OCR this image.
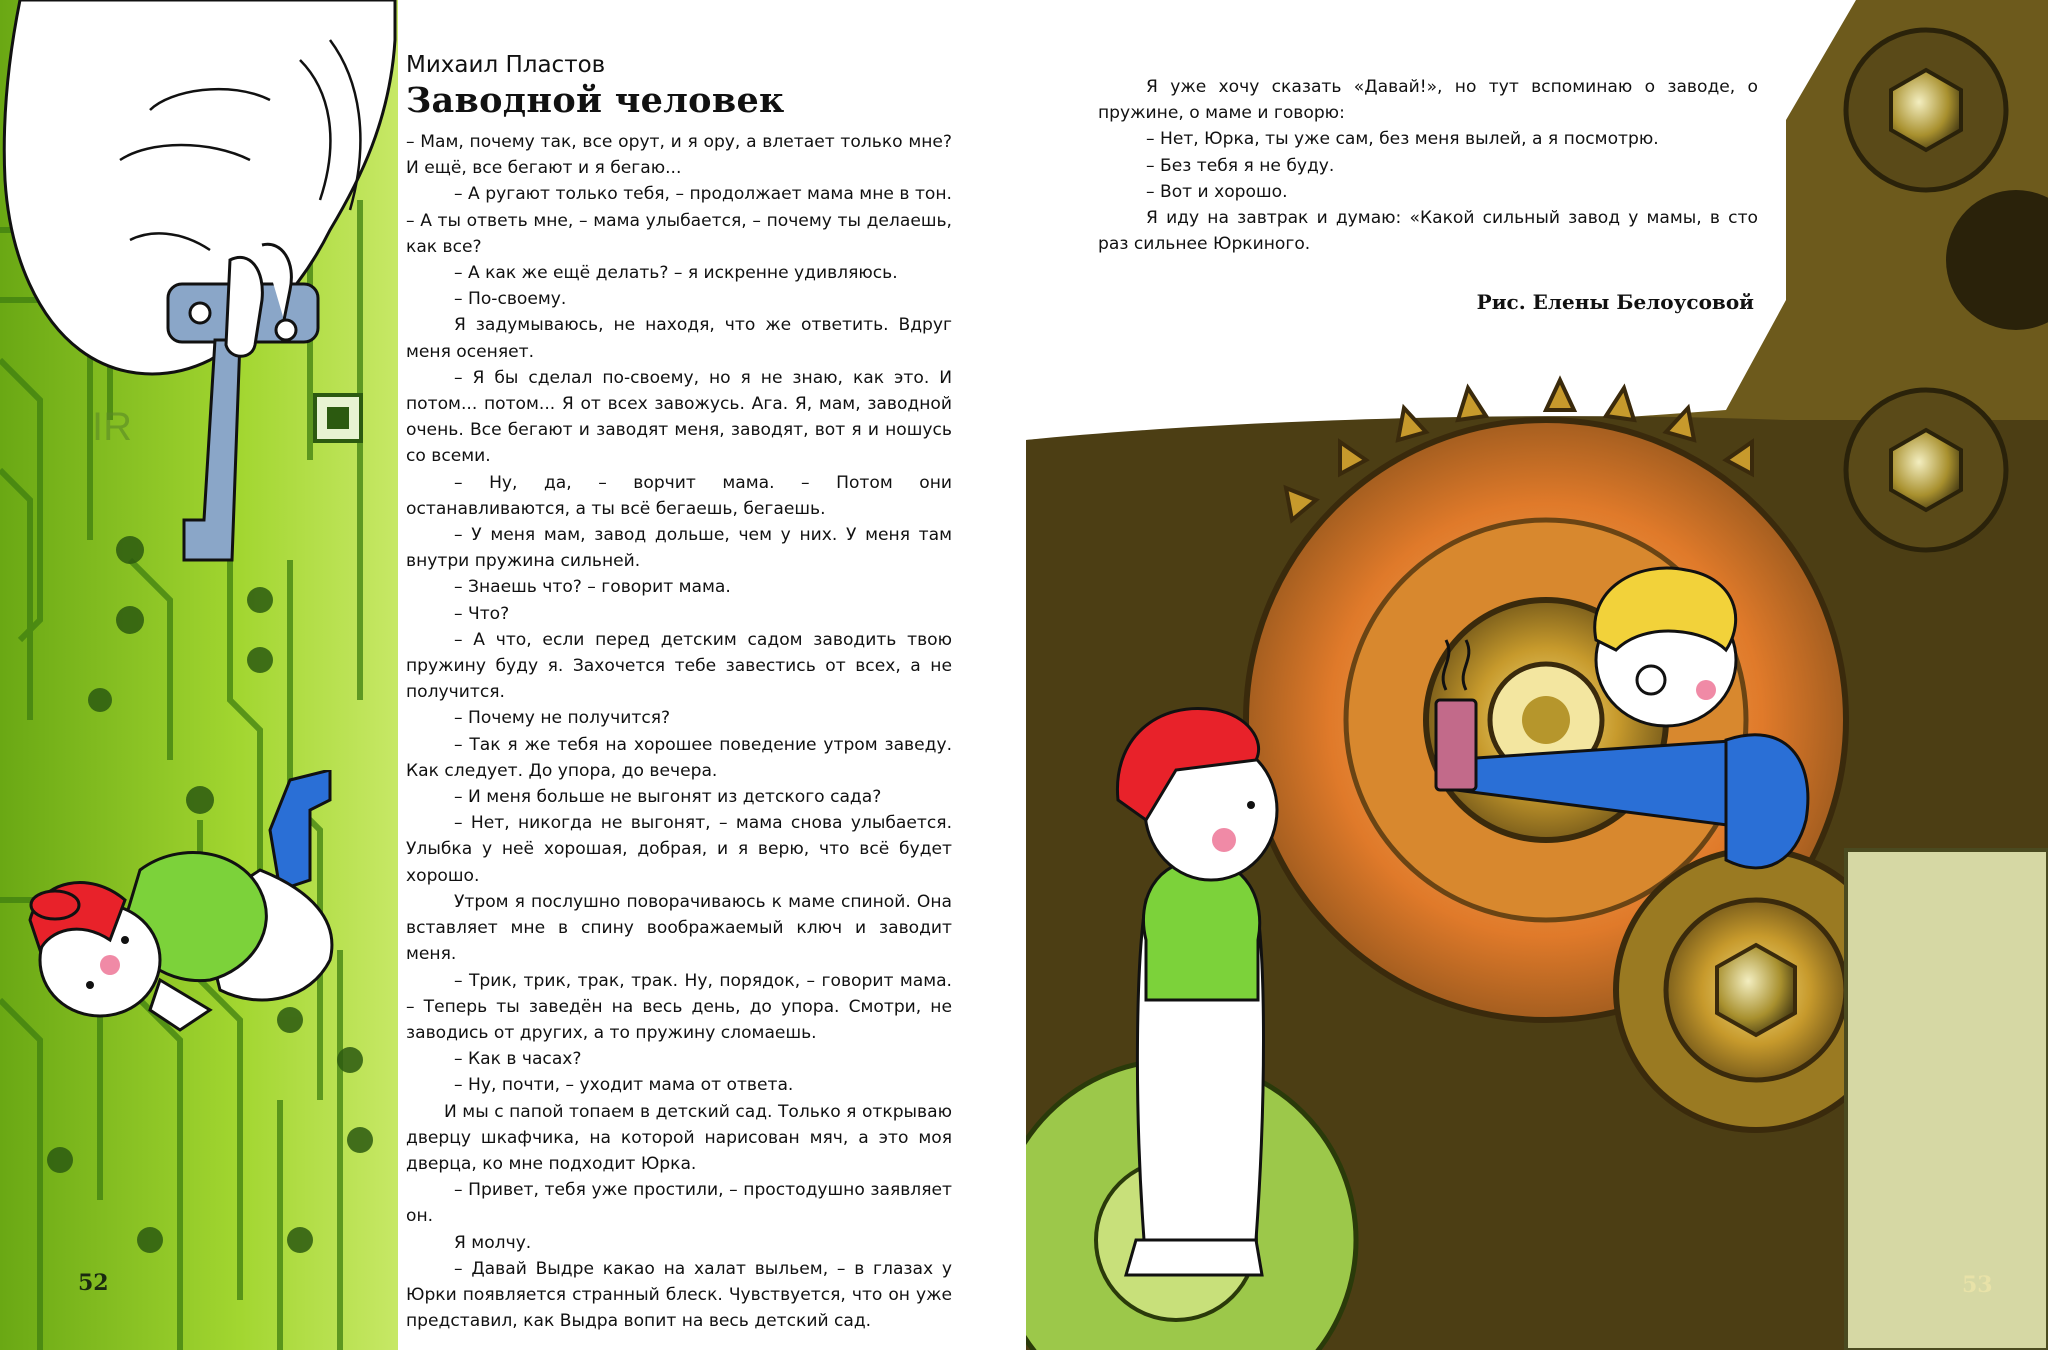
IR
52
Михаил Пластов
Заводной человек

– Мам, почему так, все орут, и я ору, а влетает только мне? И ещё, все бегают и я бегаю...

– А ругают только тебя, – продолжает мама мне в тон. – А ты ответь мне, – мама улыбается, – почему ты делаешь, как все?

– А как же ещё делать? – я искренне удивляюсь.

– По-своему.

Я задумываюсь, не находя, что же ответить. Вдруг меня осеняет.

– Я бы сделал по-своему, но я не знаю, как это. И потом... потом... Я от всех завожусь. Ага. Я, мам, заводной очень. Все бегают и заводят меня, заводят, вот я и ношусь со всеми.

– Ну, да, – ворчит мама. – Потом они останавливаются, а ты всё бегаешь, бегаешь.

– У меня мам, завод дольше, чем у них. У меня там внутри пружина сильней.

– Знаешь что? – говорит мама.

– Что?

– А что, если перед детским садом заводить твою пружину буду я. Захочется тебе завестись от всех, а не получится.

– Почему не получится?

– Так я же тебя на хорошее поведение утром заведу. Как следует. До упора, до вечера.

– И меня больше не выгонят из детского сада?

– Нет, никогда не выгонят, – мама снова улыбается. Улыбка у неё хорошая, добрая, и я верю, что всё будет хорошо.

Утром я послушно поворачиваюсь к маме спиной. Она вставляет мне в спину воображаемый ключ и заводит меня.

– Трик, трик, трак, трак. Ну, порядок, – говорит мама. – Теперь ты заведён на весь день, до упора. Смотри, не заводись от других, а то пружину сломаешь.

– Как в часах?

– Ну, почти, – уходит мама от ответа.

И мы с папой топаем в детский сад. Только я открываю дверцу шкафчика, на которой нарисован мяч, а это моя дверца, ко мне подходит Юрка.

– Привет, тебя уже простили, – простодушно заявляет он.

Я молчу.

– Давай Выдре какао на халат выльем, – в глазах у Юрки появляется странный блеск. Чувствуется, что он уже представил, как Выдра вопит на весь детский сад.

Я уже хочу сказать «Давай!», но тут вспоминаю о заводе, о пружине, о маме и говорю:

– Нет, Юрка, ты уже сам, без меня вылей, а я посмотрю.

– Без тебя я не буду.

– Вот и хорошо.

Я иду на завтрак и думаю: «Какой сильный завод у мамы, в сто раз сильнее Юркиного.

Рис. Елены Белоусовой
53
